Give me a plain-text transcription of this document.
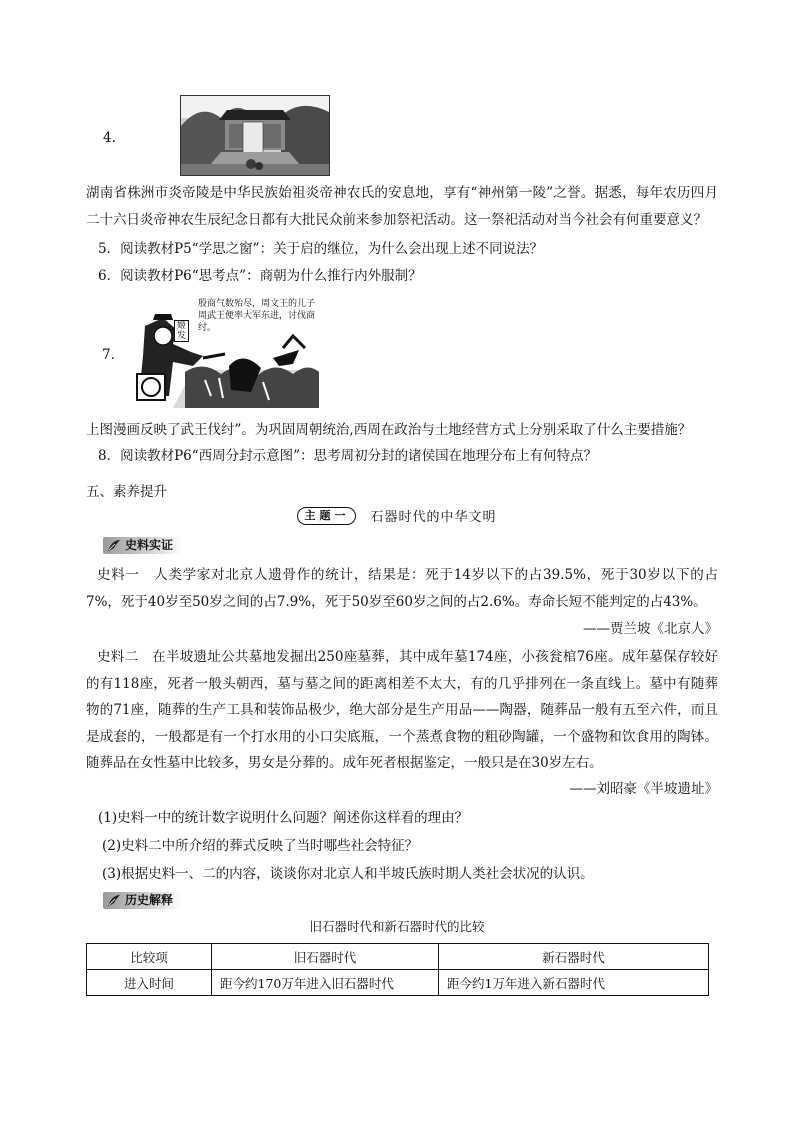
4.
湖南省株洲市炎帝陵是中华民族始祖炎帝神农氏的安息地，享有“神州第一陵”之誉。据悉，每年农历四月二十六日炎帝神农生辰纪念日都有大批民众前来参加祭祀活动。这一祭祀活动对当今社会有何重要意义？
5．阅读教材P5“学思之窗”：关于启的继位，为什么会出现上述不同说法？
6．阅读教材P6“思考点”：商朝为什么推行内外服制？
7.
姬发
殷商气数殆尽，周文王的儿子周武王便率大军东进，讨伐商纣。
上图漫画反映了武王伐纣”。为巩固周朝统治,西周在政治与土地经营方式上分别采取了什么主要措施？
8．阅读教材P6“西周分封示意图”：思考周初分封的诸侯国在地理分布上有何特点？
五、素养提升
主题一 石器时代的中华文明
史料实证
史料一　人类学家对北京人遗骨作的统计，结果是：死于14岁以下的占39.5%，死于30岁以下的占7%，死于40岁至50岁之间的占7.9%，死于50岁至60岁之间的占2.6%。寿命长短不能判定的占43%。
——贾兰坡《北京人》
史料二　在半坡遗址公共墓地发掘出250座墓葬，其中成年墓174座，小孩瓮棺76座。成年墓保存较好的有118座，死者一般头朝西，墓与墓之间的距离相差不太大，有的几乎排列在一条直线上。墓中有随葬物的71座，随葬的生产工具和装饰品极少，绝大部分是生产用品——陶器，随葬品一般有五至六件，而且是成套的，一般都是有一个打水用的小口尖底瓶，一个蒸煮食物的粗砂陶罐，一个盛物和饮食用的陶钵。随葬品在女性墓中比较多，男女是分葬的。成年死者根据鉴定，一般只是在30岁左右。
——刘昭豪《半坡遗址》
(1)史料一中的统计数字说明什么问题？阐述你这样看的理由？
(2)史料二中所介绍的葬式反映了当时哪些社会特征？
(3)根据史料一、二的内容，谈谈你对北京人和半坡氏族时期人类社会状况的认识。
历史解释
旧石器时代和新石器时代的比较
比较项	旧石器时代	新石器时代
进入时间	距今约170万年进入旧石器时代	距今约1万年进入新石器时代
